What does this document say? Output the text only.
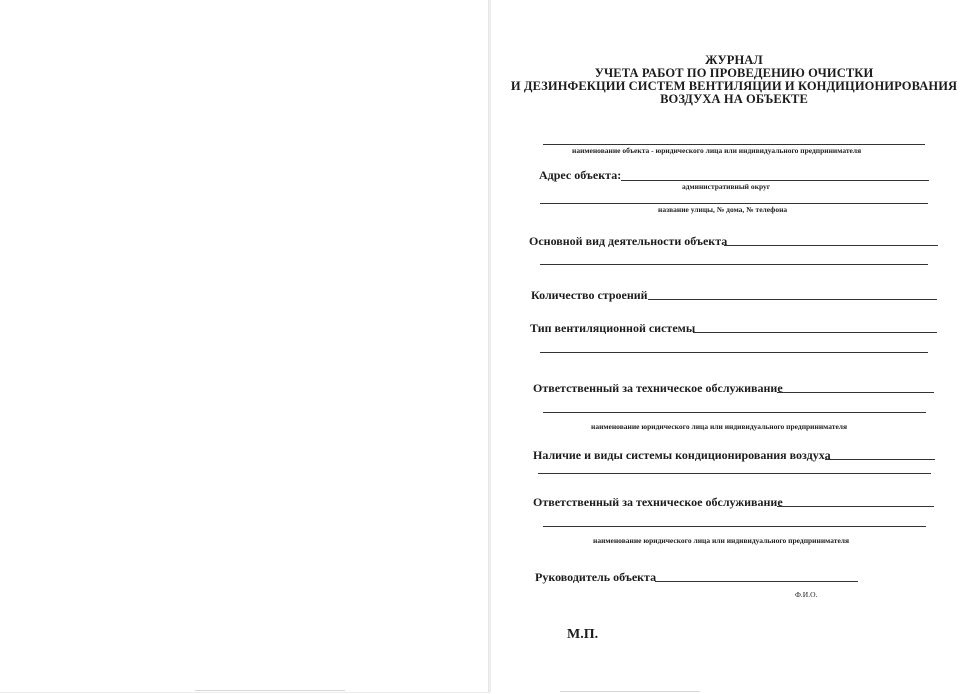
ЖУРНАЛ
УЧЕТА РАБОТ ПО ПРОВЕДЕНИЮ ОЧИСТКИ
И ДЕЗИНФЕКЦИИ СИСТЕМ ВЕНТИЛЯЦИИ И КОНДИЦИОНИРОВАНИЯ
ВОЗДУХА НА ОБЪЕКТЕ
наименование объекта - юридического лица или индивидуального предпринимателя
Адрес объекта:
административный округ
название улицы, № дома, № телефона
Основной вид деятельности объекта
Количество строений
Тип вентиляционной системы
Ответственный за техническое обслуживание
наименование юридического лица или индивидуального предпринимателя
Наличие и виды системы кондиционирования воздуха
Ответственный за техническое обслуживание
наименование юридического лица или индивидуального предпринимателя
Руководитель объекта
Ф.И.О.
М.П.
